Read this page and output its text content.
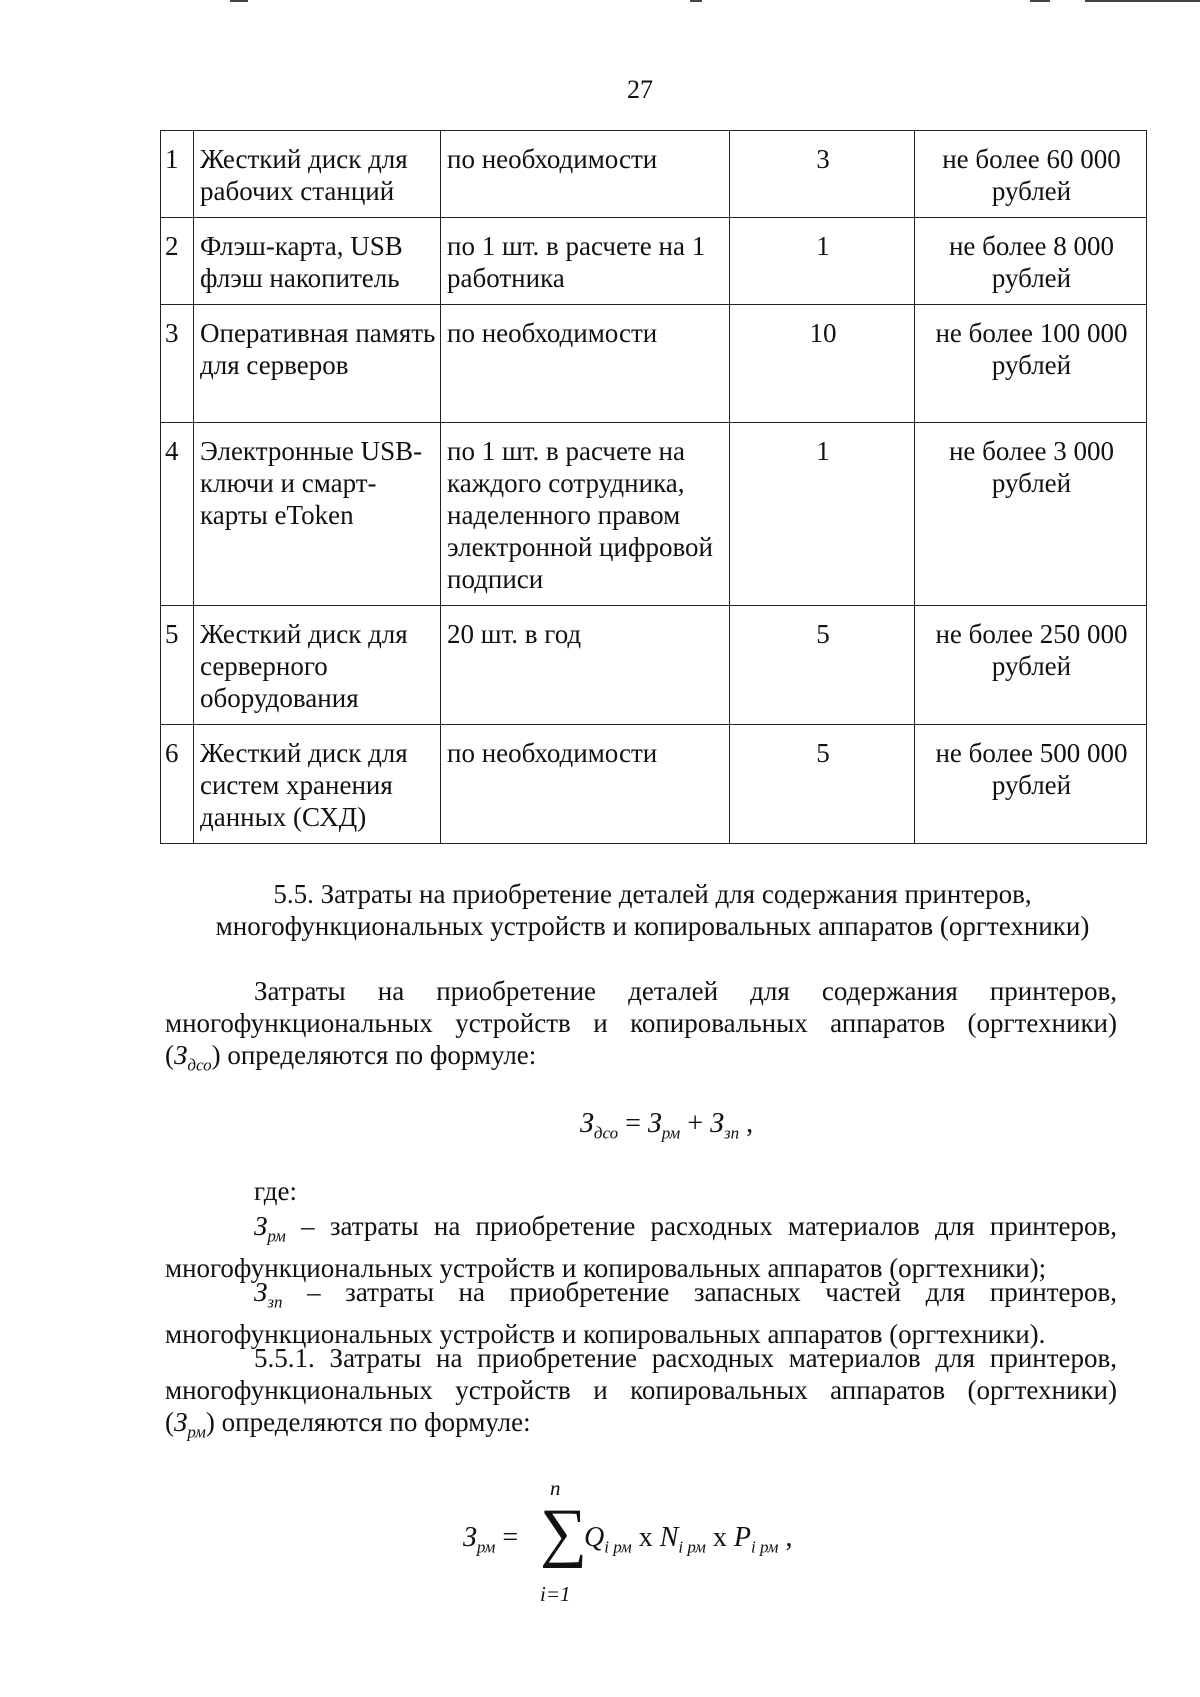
27
1	Жесткий диск для рабочих станций	по необходимости	3	не более 60 000 рублей
2	Флэш-карта, USB флэш накопитель	по 1 шт. в расчете на 1 работника	1	не более 8 000 рублей
3	Оперативная память для серверов	по необходимости	10	не более 100 000 рублей
4	Электронные USB-ключи и смарт-карты eToken	по 1 шт. в расчете на каждого сотрудника, наделенного правом электронной цифровой подписи	1	не более 3 000 рублей
5	Жесткий диск для серверного оборудования	20 шт. в год	5	не более 250 000 рублей
6	Жесткий диск для систем хранения данных (СХД)	по необходимости	5	не более 500 000 рублей
5.5. Затраты на приобретение деталей для содержания принтеров,
многофункциональных устройств и копировальных аппаратов (оргтехники)
Затраты на приобретение деталей для содержания принтеров,
многофункциональных устройств и копировальных аппаратов (оргтехники)
$(З_{дсо})$ определяются по формуле:
$З_{дсо} = З_{рм} + З_{зп}$ ,
где:
$З_{рм}$ – затраты на приобретение расходных материалов для принтеров,
многофункциональных устройств и копировальных аппаратов (оргтехники);
$З_{зп}$ – затраты на приобретение запасных частей для принтеров,
многофункциональных устройств и копировальных аппаратов (оргтехники).
5.5.1. Затраты на приобретение расходных материалов для принтеров,
многофункциональных устройств и копировальных аппаратов (оргтехники)
$(З_{рм})$ определяются по формуле:
n
$З_{рм}$ = ∑
$Q_{i рм}$ x $N_{i рм}$ x $P_{i рм}$ ,
i=1
